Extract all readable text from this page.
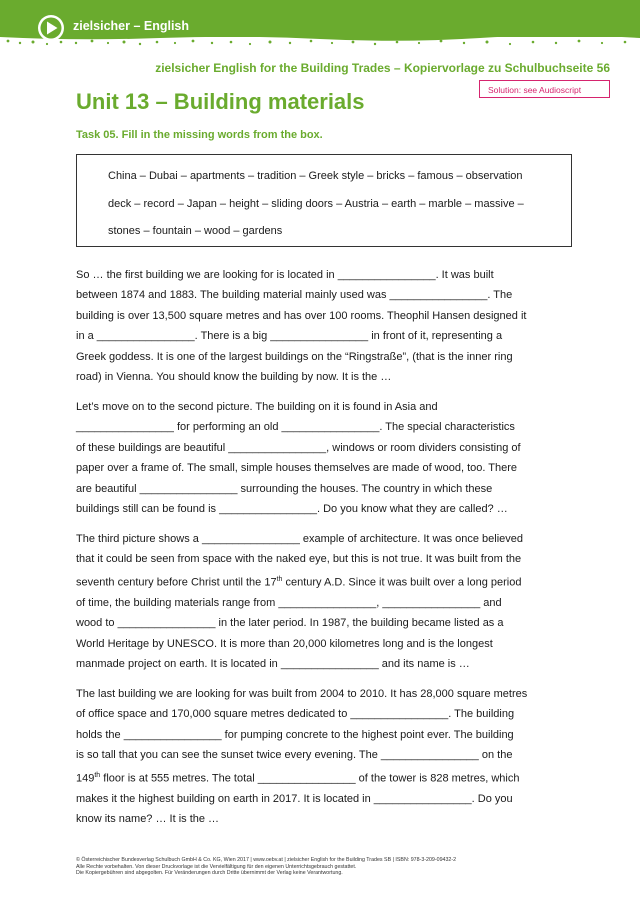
zielsicher – English
zielsicher English for the Building Trades – Kopiervorlage zu Schulbuchseite 56
Solution: see Audioscript
Unit 13 – Building materials
Task 05. Fill in the missing words from the box.
China – Dubai – apartments – tradition – Greek style – bricks – famous – observation
deck – record – Japan – height – sliding doors – Austria – earth – marble – massive –
stones – fountain – wood – gardens

So … the first building we are looking for is located in ________________. It was built

between 1874 and 1883. The building material mainly used was ________________. The

building is over 13,500 square metres and has over 100 rooms. Theophil Hansen designed it

in a ________________. There is a big ________________ in front of it, representing a

Greek goddess. It is one of the largest buildings on the “Ringstraße”, (that is the inner ring

road) in Vienna. You should know the building by now. It is the …

Let’s move on to the second picture. The building on it is found in Asia and

________________ for performing an old ________________. The special characteristics

of these buildings are beautiful ________________, windows or room dividers consisting of

paper over a frame of. The small, simple houses themselves are made of wood, too. There

are beautiful ________________ surrounding the houses. The country in which these

buildings still can be found is ________________. Do you know what they are called? …

The third picture shows a ________________ example of architecture. It was once believed

that it could be seen from space with the naked eye, but this is not true. It was built from the

seventh century before Christ until the 17th century A.D. Since it was built over a long period

of time, the building materials range from ________________, ________________ and

wood to ________________ in the later period. In 1987, the building became listed as a

World Heritage by UNESCO. It is more than 20,000 kilometres long and is the longest

manmade project on earth. It is located in ________________ and its name is …

The last building we are looking for was built from 2004 to 2010. It has 28,000 square metres

of office space and 170,000 square metres dedicated to ________________. The building

holds the ________________ for pumping concrete to the highest point ever. The building

is so tall that you can see the sunset twice every evening. The ________________ on the

149th floor is at 555 metres. The total ________________ of the tower is 828 metres, which

makes it the highest building on earth in 2017. It is located in ________________. Do you

know its name? … It is the …

© Österreichischer Bundesverlag Schulbuch GmbH & Co. KG, Wien 2017 | www.oebv.at | zielsicher English for the Building Trades SB | ISBN: 978-3-209-09432-2

Alle Rechte vorbehalten. Von dieser Druckvorlage ist die Vervielfältigung für den eigenen Unterrichtsgebrauch gestattet.

Die Kopiergebühren sind abgegolten. Für Veränderungen durch Dritte übernimmt der Verlag keine Verantwortung.
